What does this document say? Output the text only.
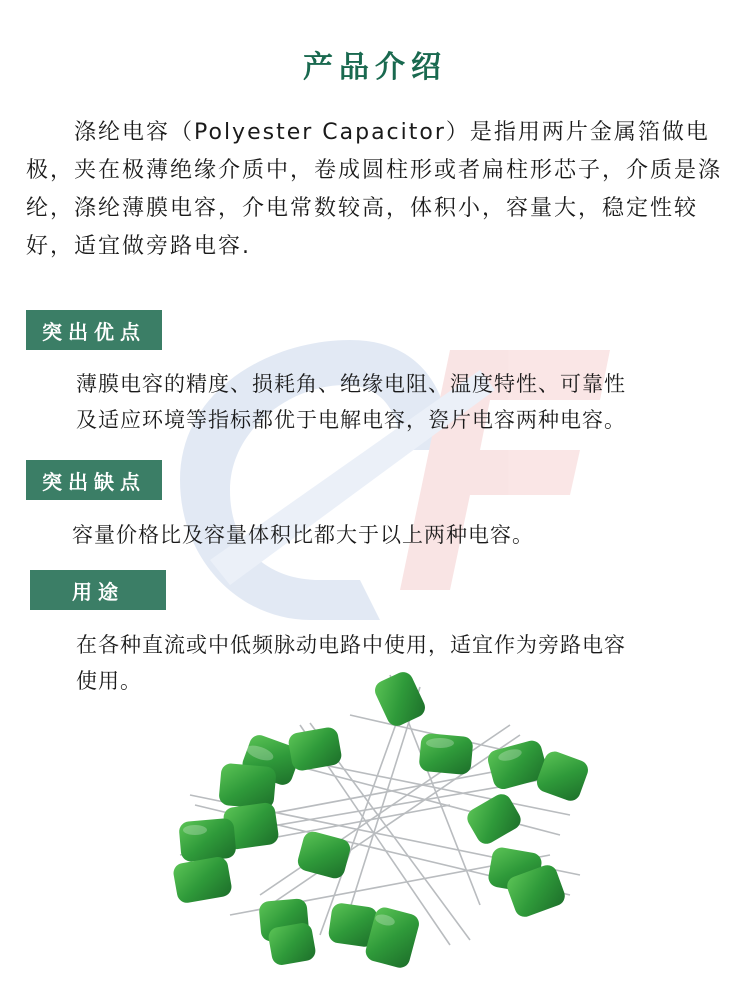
产品介绍

涤纶电容（Polyester Capacitor）是指用两片金属箔做电极，夹在极薄绝缘介质中，卷成圆柱形或者扁柱形芯子，介质是涤纶，涤纶薄膜电容，介电常数较高，体积小，容量大，稳定性较好，适宜做旁路电容.

突出优点
薄膜电容的精度、损耗角、绝缘电阻、温度特性、可靠性
及适应环境等指标都优于电解电容，瓷片电容两种电容。
突出缺点
容量价格比及容量体积比都大于以上两种电容。
用途
在各种直流或中低频脉动电路中使用，适宜作为旁路电容
使用。
